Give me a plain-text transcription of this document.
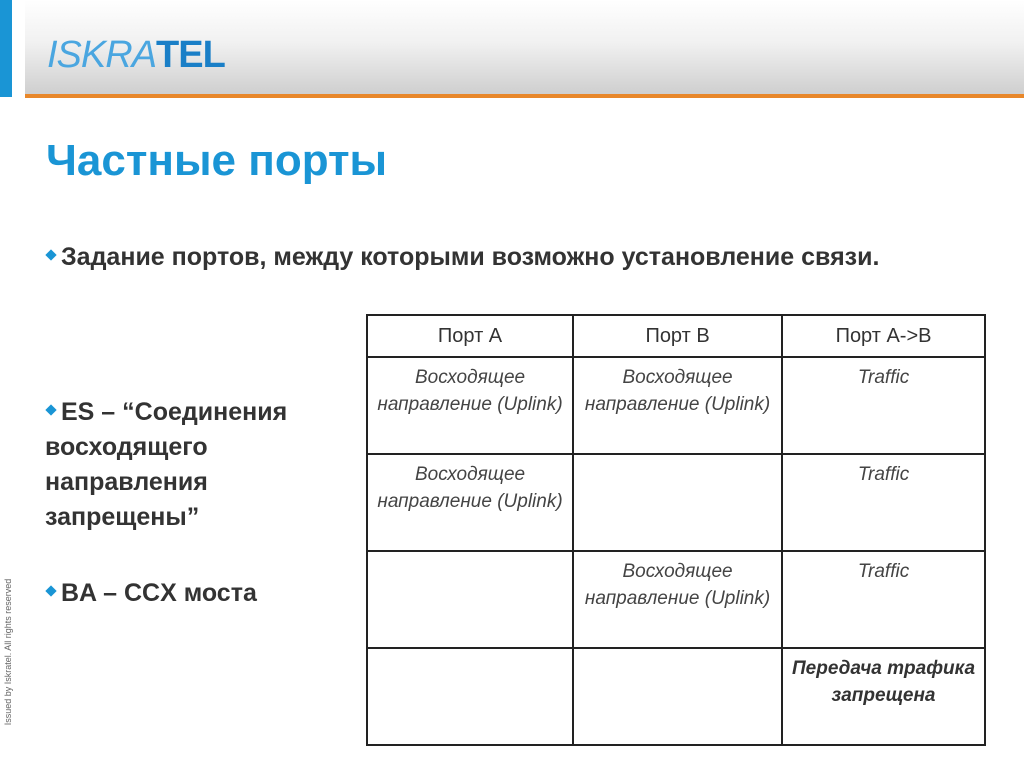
ISKRATEL
Частные порты

Задание портов, между которыми возможно установление связи.

ES – “Соединения восходящего направления запрещены”

BA – CCX моста

Issued by Iskratel. All rights reserved
Порт A	Порт B	Порт A->B

Восходящее направление (Uplink)	Восходящее направление (Uplink)	Traffic

Восходящее направление (Uplink)		Traffic

	Восходящее направление (Uplink)	Traffic

		Передача трафика запрещена
